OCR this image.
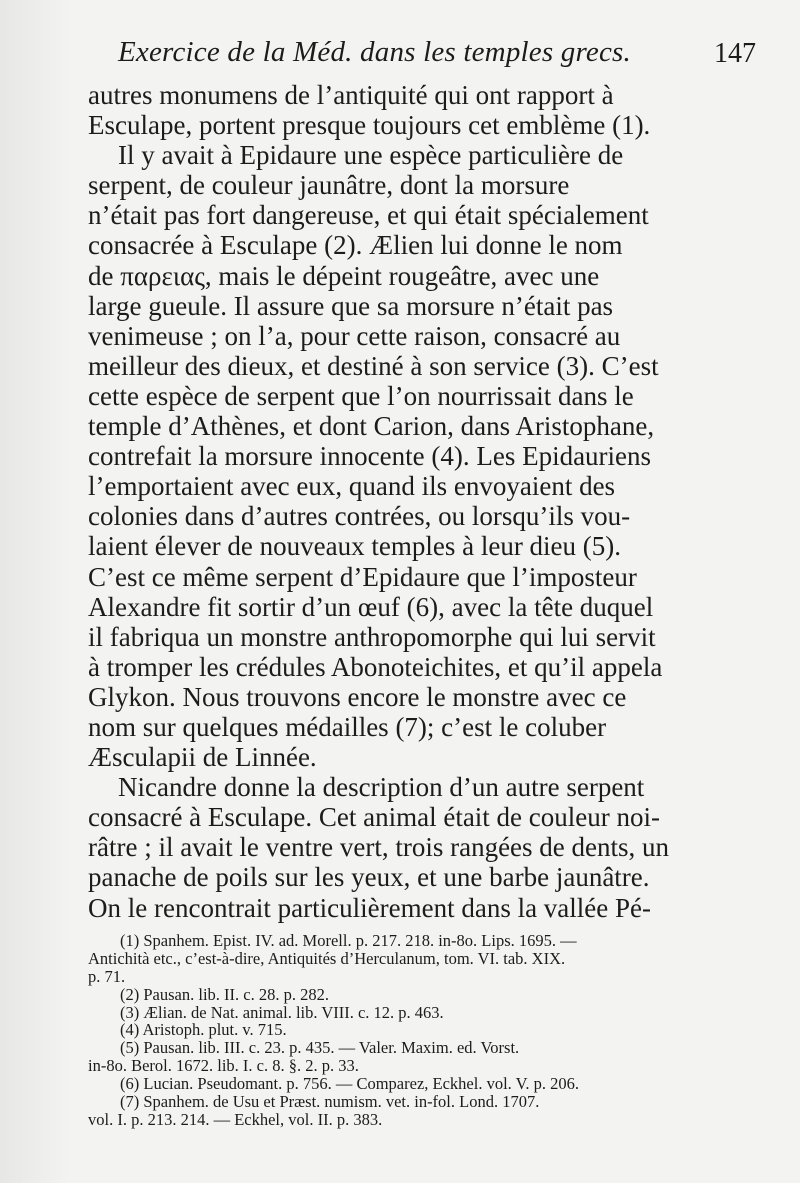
Exercice de la Méd. dans les temples grecs.	147
autres monumens de l’antiquité qui ont rapport à
Esculape, portent presque toujours cet emblème (1).
Il y avait à Epidaure une espèce particulière de
serpent, de couleur jaunâtre, dont la morsure
n’était pas fort dangereuse, et qui était spécialement
consacrée à Esculape (2). Ælien lui donne le nom
de παρειας, mais le dépeint rougeâtre, avec une
large gueule. Il assure que sa morsure n’était pas
venimeuse ; on l’a, pour cette raison, consacré au
meilleur des dieux, et destiné à son service (3). C’est
cette espèce de serpent que l’on nourrissait dans le
temple d’Athènes, et dont Carion, dans Aristophane,
contrefait la morsure innocente (4). Les Epidauriens
l’emportaient avec eux, quand ils envoyaient des
colonies dans d’autres contrées, ou lorsqu’ils vou-
laient élever de nouveaux temples à leur dieu (5).
C’est ce même serpent d’Epidaure que l’imposteur
Alexandre fit sortir d’un œuf (6), avec la tête duquel
il fabriqua un monstre anthropomorphe qui lui servit
à tromper les crédules Abonoteichites, et qu’il appela
Glykon. Nous trouvons encore le monstre avec ce
nom sur quelques médailles (7); c’est le coluber
Æsculapii de Linnée.
Nicandre donne la description d’un autre serpent
consacré à Esculape. Cet animal était de couleur noi-
râtre ; il avait le ventre vert, trois rangées de dents, un
panache de poils sur les yeux, et une barbe jaunâtre.
On le rencontrait particulièrement dans la vallée Pé-
(1) Spanhem. Epist. IV. ad. Morell. p. 217. 218. in-8o. Lips. 1695. —
Antichità etc., c’est-à-dire, Antiquités d’Herculanum, tom. VI. tab. XIX.
p. 71.
(2) Pausan. lib. II. c. 28. p. 282.
(3) Ælian. de Nat. animal. lib. VIII. c. 12. p. 463.
(4) Aristoph. plut. v. 715.
(5) Pausan. lib. III. c. 23. p. 435. — Valer. Maxim. ed. Vorst.
in-8o. Berol. 1672. lib. I. c. 8. §. 2. p. 33.
(6) Lucian. Pseudomant. p. 756. — Comparez, Eckhel. vol. V. p. 206.
(7) Spanhem. de Usu et Præst. numism. vet. in-fol. Lond. 1707.
vol. I. p. 213. 214. — Eckhel, vol. II. p. 383.
